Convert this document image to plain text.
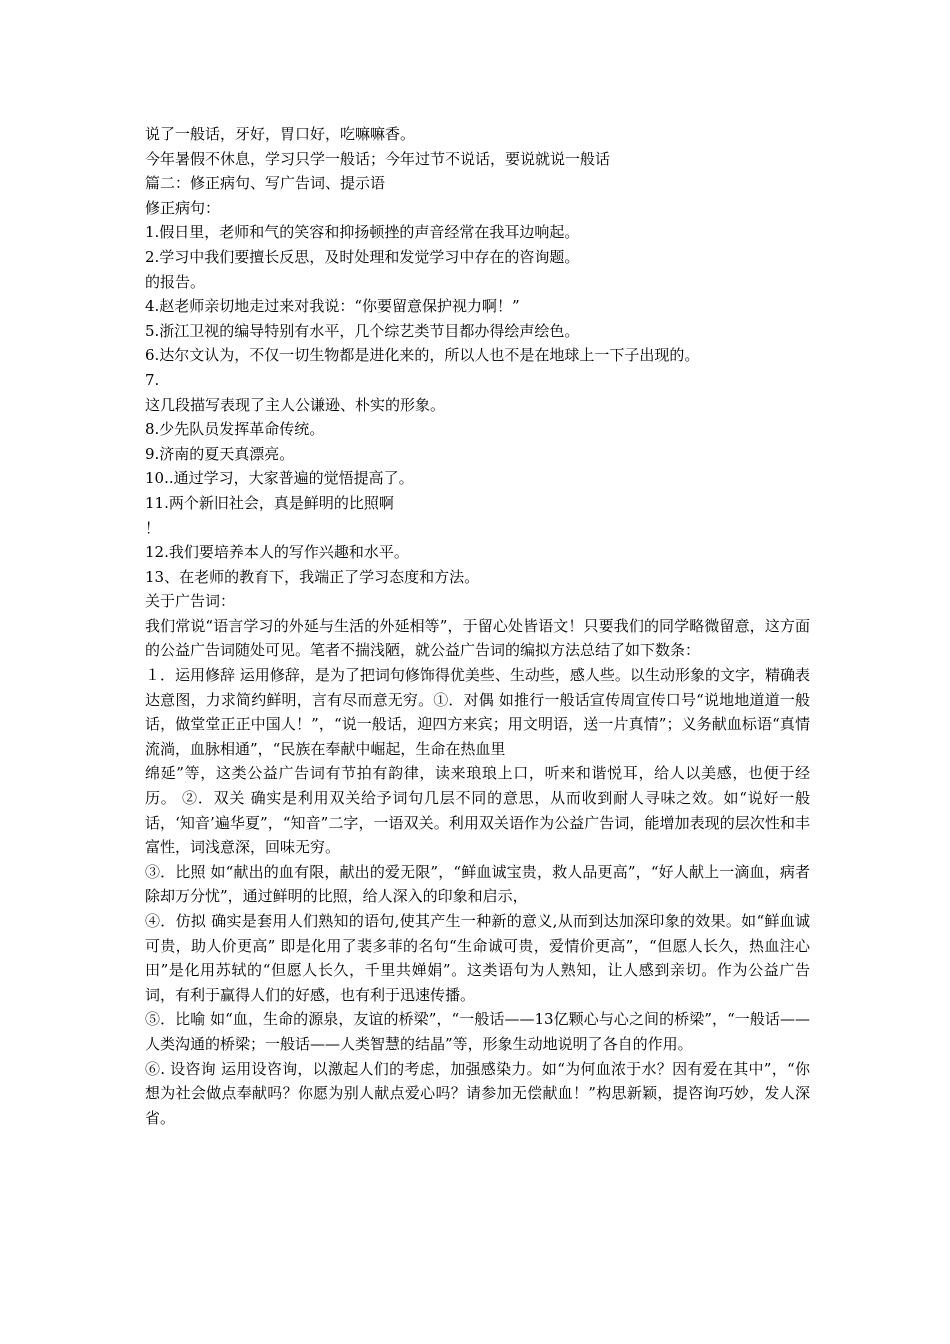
说了一般话，牙好，胃口好，吃嘛嘛香。
今年暑假不休息，学习只学一般话；今年过节不说话，要说就说一般话
篇二：修正病句、写广告词、提示语
修正病句：
1.假日里，老师和气的笑容和抑扬顿挫的声音经常在我耳边响起。
2.学习中我们要擅长反思，及时处理和发觉学习中存在的咨询题。
的报告。
4.赵老师亲切地走过来对我说：“你要留意保护视力啊！”
5.浙江卫视的编导特别有水平，几个综艺类节目都办得绘声绘色。
6.达尔文认为，不仅一切生物都是进化来的，所以人也不是在地球上一下子出现的。
7.
这几段描写表现了主人公谦逊、朴实的形象。
8.少先队员发挥革命传统。
9.济南的夏天真漂亮。
10..通过学习，大家普遍的觉悟提高了。
11.两个新旧社会，真是鲜明的比照啊
！
12.我们要培养本人的写作兴趣和水平。
13、在老师的教育下，我端正了学习态度和方法。
关于广告词：
我们常说“语言学习的外延与生活的外延相等”，于留心处皆语文！只要我们的同学略微留意，这方面的公益广告词随处可见。笔者不揣浅陋，就公益广告词的编拟方法总结了如下数条：
１．运用修辞 运用修辞，是为了把词句修饰得优美些、生动些，感人些。以生动形象的文字，精确表达意图，力求简约鲜明，言有尽而意无穷。①．对偶 如推行一般话宣传周宣传口号“说地地道道一般话，做堂堂正正中国人！”，“说一般话，迎四方来宾；用文明语，送一片真情”；义务献血标语“真情流淌，血脉相通”，“民族在奉献中崛起，生命在热血里
绵延”等，这类公益广告词有节拍有韵律，读来琅琅上口，听来和谐悦耳，给人以美感，也便于经历。 ②．双关 确实是利用双关给予词句几层不同的意思，从而收到耐人寻味之效。如“说好一般话，‘知音’遍华夏”，“知音”二字，一语双关。利用双关语作为公益广告词，能增加表现的层次性和丰富性，词浅意深，回味无穷。
③．比照 如“献出的血有限，献出的爱无限”，“鲜血诚宝贵，救人品更高”，“好人献上一滴血，病者除却万分忧”，通过鲜明的比照，给人深入的印象和启示，
④．仿拟 确实是套用人们熟知的语句,使其产生一种新的意义,从而到达加深印象的效果。如“鲜血诚可贵，助人价更高” 即是化用了裴多菲的名句“生命诚可贵，爱情价更高”，“但愿人长久，热血注心田”是化用苏轼的“但愿人长久，千里共婵娟”。这类语句为人熟知，让人感到亲切。作为公益广告词，有利于赢得人们的好感，也有利于迅速传播。
⑤．比喻 如“血，生命的源泉，友谊的桥梁”，“一般话——13亿颗心与心之间的桥梁”，“一般话——人类沟通的桥梁；一般话——人类智慧的结晶”等，形象生动地说明了各自的作用。
⑥. 设咨询 运用设咨询，以激起人们的考虑，加强感染力。如“为何血浓于水？因有爱在其中”，“你想为社会做点奉献吗？你愿为别人献点爱心吗？请参加无偿献血！”构思新颖，提咨询巧妙，发人深省。
